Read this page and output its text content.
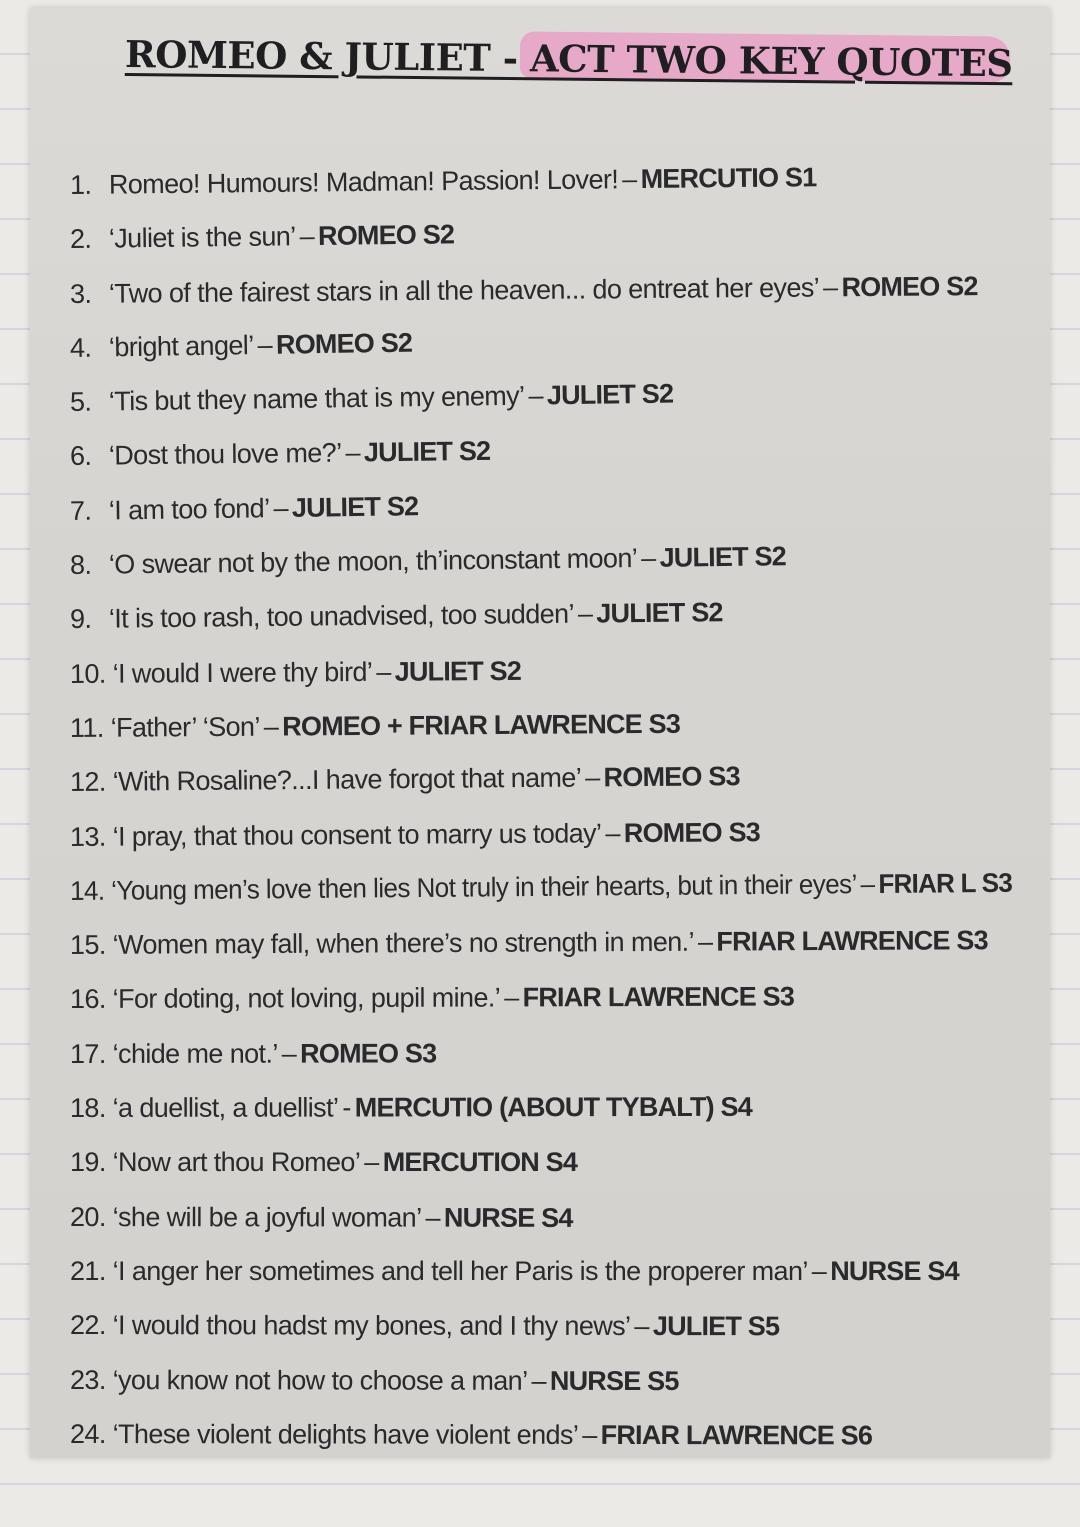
ROMEO & JULIET - ACT TWO KEY QUOTES
1. Romeo! Humours! Madman! Passion! Lover! – MERCUTIO S1
2. ‘Juliet is the sun’ – ROMEO S2
3. ‘Two of the fairest stars in all the heaven... do entreat her eyes’ – ROMEO S2
4. ‘bright angel’ – ROMEO S2
5. ‘Tis but they name that is my enemy’ – JULIET S2
6. ‘Dost thou love me?’ – JULIET S2
7. ‘I am too fond’ – JULIET S2
8. ‘O swear not by the moon, th’inconstant moon’ – JULIET S2
9. ‘It is too rash, too unadvised, too sudden’ – JULIET S2
10. ‘I would I were thy bird’ – JULIET S2
11. ‘Father’ ‘Son’ – ROMEO + FRIAR LAWRENCE S3
12. ‘With Rosaline?...I have forgot that name’ – ROMEO S3
13. ‘I pray, that thou consent to marry us today’ – ROMEO S3
14. ‘Young men’s love then lies Not truly in their hearts, but in their eyes’ – FRIAR L S3
15. ‘Women may fall, when there’s no strength in men.’ – FRIAR LAWRENCE S3
16. ‘For doting, not loving, pupil mine.’ – FRIAR LAWRENCE S3
17. ‘chide me not.’ – ROMEO S3
18. ‘a duellist, a duellist’ - MERCUTIO (ABOUT TYBALT) S4
19. ‘Now art thou Romeo’ – MERCUTION S4
20. ‘she will be a joyful woman’ – NURSE S4
21. ‘I anger her sometimes and tell her Paris is the properer man’ – NURSE S4
22. ‘I would thou hadst my bones, and I thy news’ – JULIET S5
23. ‘you know not how to choose a man’ – NURSE S5
24. ‘These violent delights have violent ends’ – FRIAR LAWRENCE S6
